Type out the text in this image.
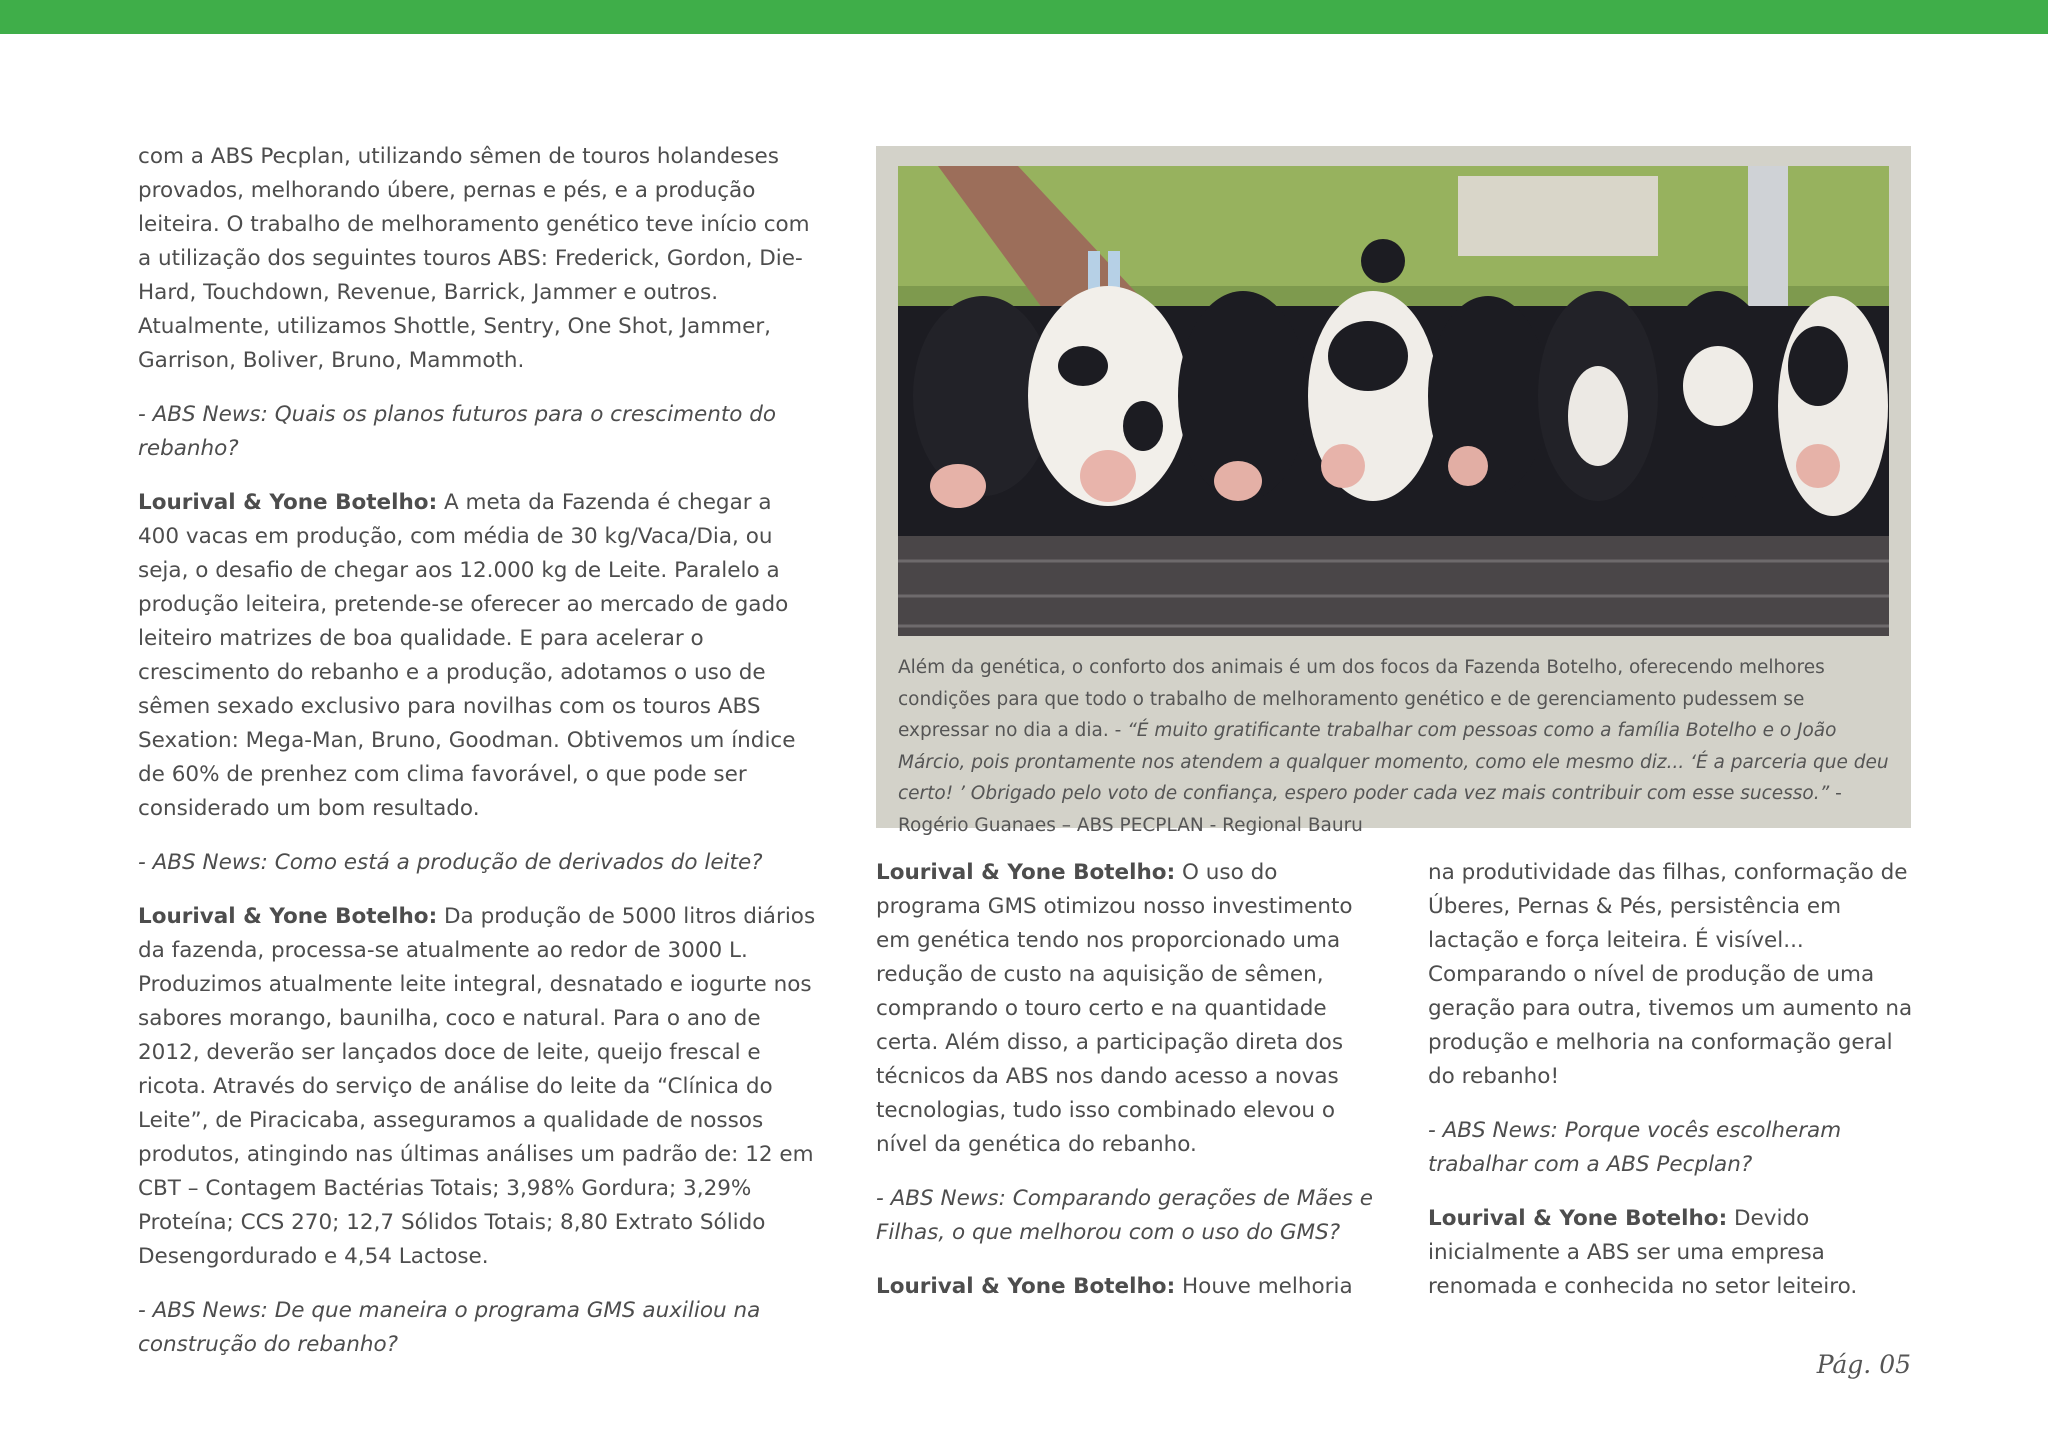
com a ABS Pecplan, utilizando sêmen de touros holandeses provados, melhorando úbere, pernas e pés, e a produção leiteira. O trabalho de melhoramento genético teve início com a utilização dos seguintes touros ABS: Frederick, Gordon, Die-Hard, Touchdown, Revenue, Barrick, Jammer e outros. Atualmente, utilizamos Shottle, Sentry, One Shot, Jammer, Garrison, Boliver, Bruno, Mammoth.

- ABS News: Quais os planos futuros para o crescimento do rebanho?

Lourival & Yone Botelho: A meta da Fazenda é chegar a 400 vacas em produção, com média de 30 kg/Vaca/Dia, ou seja, o desafio de chegar aos 12.000 kg de Leite. Paralelo a produção leiteira, pretende-se oferecer ao mercado de gado leiteiro matrizes de boa qualidade. E para acelerar o crescimento do rebanho e a produção, adotamos o uso de sêmen sexado exclusivo para novilhas com os touros ABS Sexation: Mega-Man, Bruno, Goodman. Obtivemos um índice de 60% de prenhez com clima favorável, o que pode ser considerado um bom resultado.

- ABS News: Como está a produção de derivados do leite?

Lourival & Yone Botelho: Da produção de 5000 litros diários da fazenda, processa-se atualmente ao redor de 3000 L. Produzimos atualmente leite integral, desnatado e iogurte nos sabores morango, baunilha, coco e natural. Para o ano de 2012, deverão ser lançados doce de leite, queijo frescal e ricota. Através do serviço de análise do leite da “Clínica do Leite”, de Piracicaba, asseguramos a qualidade de nossos produtos, atingindo nas últimas análises um padrão de: 12 em CBT – Contagem Bactérias Totais; 3,98% Gordura; 3,29% Proteína; CCS 270; 12,7 Sólidos Totais; 8,80 Extrato Sólido Desengordurado e 4,54 Lactose.

- ABS News: De que maneira o programa GMS auxiliou na construção do rebanho?

Além da genética, o conforto dos animais é um dos focos da Fazenda Botelho, oferecendo melhores condições para que todo o trabalho de melhoramento genético e de gerenciamento pudessem se expressar no dia a dia. - “É muito gratificante trabalhar com pessoas como a família Botelho e o João Márcio, pois prontamente nos atendem a qualquer momento, como ele mesmo diz... ‘É a parceria que deu certo! ’ Obrigado pelo voto de confiança, espero poder cada vez mais contribuir com esse sucesso.” - Rogério Guanaes – ABS PECPLAN - Regional Bauru

Lourival & Yone Botelho: O uso do programa GMS otimizou nosso investimento em genética tendo nos proporcionado uma redução de custo na aquisição de sêmen, comprando o touro certo e na quantidade certa. Além disso, a participação direta dos técnicos da ABS nos dando acesso a novas tecnologias, tudo isso combinado elevou o nível da genética do rebanho.

- ABS News: Comparando gerações de Mães e Filhas, o que melhorou com o uso do GMS?

Lourival & Yone Botelho: Houve melhoria

na produtividade das filhas, conformação de Úberes, Pernas & Pés, persistência em lactação e força leiteira. É visível... Comparando o nível de produção de uma geração para outra, tivemos um aumento na produção e melhoria na conformação geral do rebanho!

- ABS News: Porque vocês escolheram trabalhar com a ABS Pecplan?

Lourival & Yone Botelho: Devido inicialmente a ABS ser uma empresa renomada e conhecida no setor leiteiro.

Pág. 05
